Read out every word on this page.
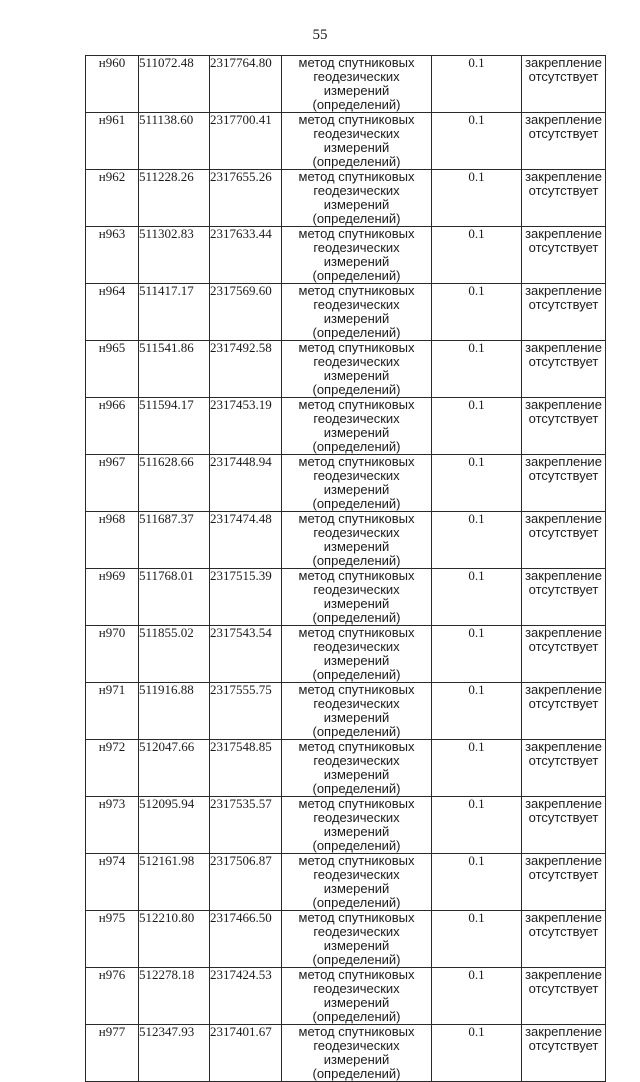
55
н960	511072.48	2317764.80	метод спутниковых геодезических измерений (определений)	0.1	закрепление отсутствует
н961	511138.60	2317700.41	метод спутниковых геодезических измерений (определений)	0.1	закрепление отсутствует
н962	511228.26	2317655.26	метод спутниковых геодезических измерений (определений)	0.1	закрепление отсутствует
н963	511302.83	2317633.44	метод спутниковых геодезических измерений (определений)	0.1	закрепление отсутствует
н964	511417.17	2317569.60	метод спутниковых геодезических измерений (определений)	0.1	закрепление отсутствует
н965	511541.86	2317492.58	метод спутниковых геодезических измерений (определений)	0.1	закрепление отсутствует
н966	511594.17	2317453.19	метод спутниковых геодезических измерений (определений)	0.1	закрепление отсутствует
н967	511628.66	2317448.94	метод спутниковых геодезических измерений (определений)	0.1	закрепление отсутствует
н968	511687.37	2317474.48	метод спутниковых геодезических измерений (определений)	0.1	закрепление отсутствует
н969	511768.01	2317515.39	метод спутниковых геодезических измерений (определений)	0.1	закрепление отсутствует
н970	511855.02	2317543.54	метод спутниковых геодезических измерений (определений)	0.1	закрепление отсутствует
н971	511916.88	2317555.75	метод спутниковых геодезических измерений (определений)	0.1	закрепление отсутствует
н972	512047.66	2317548.85	метод спутниковых геодезических измерений (определений)	0.1	закрепление отсутствует
н973	512095.94	2317535.57	метод спутниковых геодезических измерений (определений)	0.1	закрепление отсутствует
н974	512161.98	2317506.87	метод спутниковых геодезических измерений (определений)	0.1	закрепление отсутствует
н975	512210.80	2317466.50	метод спутниковых геодезических измерений (определений)	0.1	закрепление отсутствует
н976	512278.18	2317424.53	метод спутниковых геодезических измерений (определений)	0.1	закрепление отсутствует
н977	512347.93	2317401.67	метод спутниковых геодезических измерений (определений)	0.1	закрепление отсутствует
